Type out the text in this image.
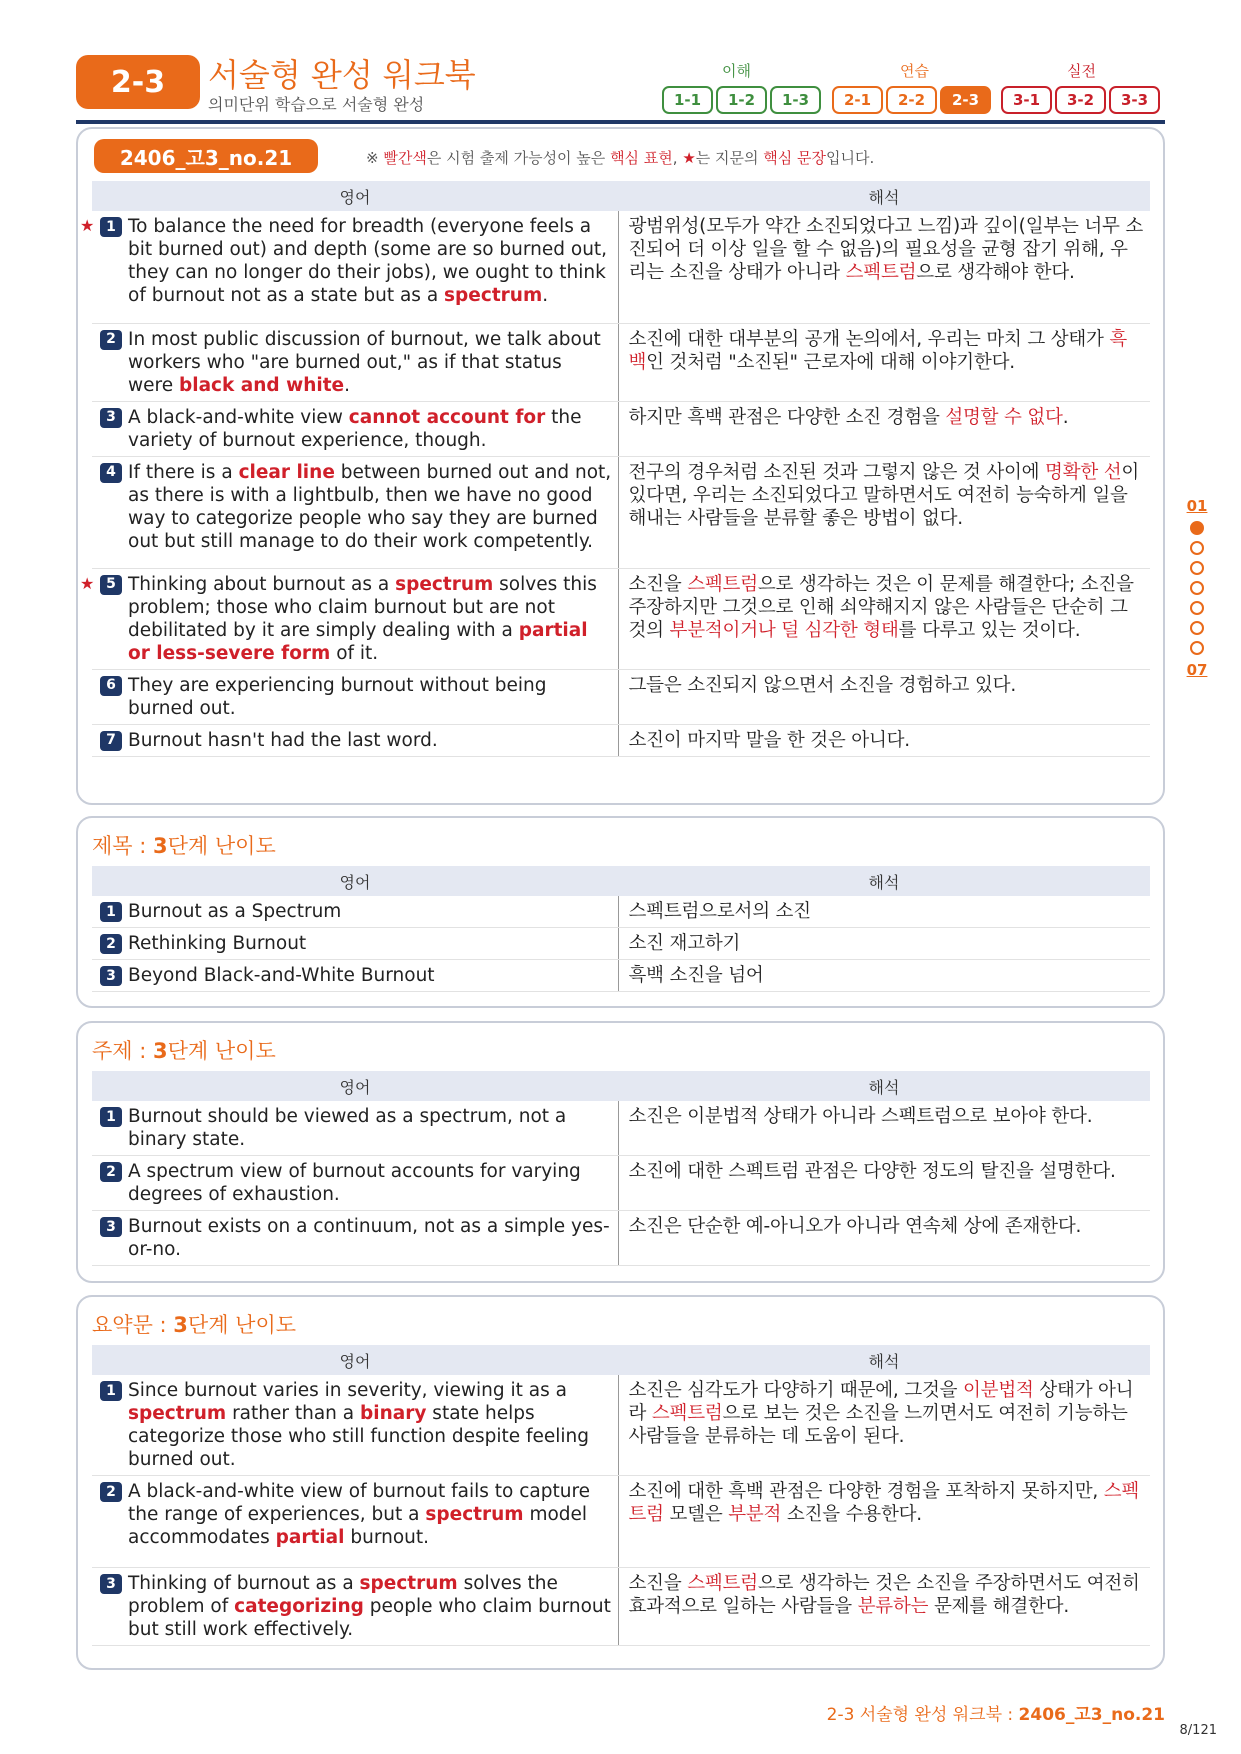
2-3	서술형 완성 워크북
의미단위 학습으로 서술형 완성
이해	연습	실전
1-1	1-2	1-3	2-1	2-2	2-3	3-1	3-2	3-3
01
07
2406_고3_no.21	※ 빨간색은 시험 출제 가능성이 높은 핵심 표현, ★는 지문의 핵심 문장입니다.
영어	해석

★ 1 To balance the need for breadth (everyone feels a bit burned out) and depth (some are so burned out, they can no longer do their jobs), we ought to think of burnout not as a state but as a spectrum.	광범위성(모두가 약간 소진되었다고 느낌)과 깊이(일부는 너무 소진되어 더 이상 일을 할 수 없음)의 필요성을 균형 잡기 위해, 우리는 소진을 상태가 아니라 스펙트럼으로 생각해야 한다.

2 In most public discussion of burnout, we talk about workers who "are burned out," as if that status were black and white.	소진에 대한 대부분의 공개 논의에서, 우리는 마치 그 상태가 흑백인 것처럼 "소진된" 근로자에 대해 이야기한다.

3 A black-and-white view cannot account for the variety of burnout experience, though.	하지만 흑백 관점은 다양한 소진 경험을 설명할 수 없다.

4 If there is a clear line between burned out and not, as there is with a lightbulb, then we have no good way to categorize people who say they are burned out but still manage to do their work competently.	전구의 경우처럼 소진된 것과 그렇지 않은 것 사이에 명확한 선이 있다면, 우리는 소진되었다고 말하면서도 여전히 능숙하게 일을 해내는 사람들을 분류할 좋은 방법이 없다.

★ 5 Thinking about burnout as a spectrum solves this problem; those who claim burnout but are not debilitated by it are simply dealing with a partial or less-severe form of it.	소진을 스펙트럼으로 생각하는 것은 이 문제를 해결한다; 소진을 주장하지만 그것으로 인해 쇠약해지지 않은 사람들은 단순히 그것의 부분적이거나 덜 심각한 형태를 다루고 있는 것이다.

6 They are experiencing burnout without being burned out.	그들은 소진되지 않으면서 소진을 경험하고 있다.

7 Burnout hasn't had the last word.	소진이 마지막 말을 한 것은 아니다.
제목 : 3단계 난이도
영어	해석

1 Burnout as a Spectrum	스펙트럼으로서의 소진

2 Rethinking Burnout	소진 재고하기

3 Beyond Black-and-White Burnout	흑백 소진을 넘어
주제 : 3단계 난이도
영어	해석

1 Burnout should be viewed as a spectrum, not a binary state.	소진은 이분법적 상태가 아니라 스펙트럼으로 보아야 한다.

2 A spectrum view of burnout accounts for varying degrees of exhaustion.	소진에 대한 스펙트럼 관점은 다양한 정도의 탈진을 설명한다.

3 Burnout exists on a continuum, not as a simple yes-or-no.	소진은 단순한 예-아니오가 아니라 연속체 상에 존재한다.
요약문 : 3단계 난이도
영어	해석

1 Since burnout varies in severity, viewing it as a spectrum rather than a binary state helps categorize those who still function despite feeling burned out.	소진은 심각도가 다양하기 때문에, 그것을 이분법적 상태가 아니라 스펙트럼으로 보는 것은 소진을 느끼면서도 여전히 기능하는 사람들을 분류하는 데 도움이 된다.

2 A black-and-white view of burnout fails to capture the range of experiences, but a spectrum model accommodates partial burnout.	소진에 대한 흑백 관점은 다양한 경험을 포착하지 못하지만, 스펙트럼 모델은 부분적 소진을 수용한다.

3 Thinking of burnout as a spectrum solves the problem of categorizing people who claim burnout but still work effectively.	소진을 스펙트럼으로 생각하는 것은 소진을 주장하면서도 여전히 효과적으로 일하는 사람들을 분류하는 문제를 해결한다.
2-3 서술형 완성 워크북 : 2406_고3_no.21
8/121
